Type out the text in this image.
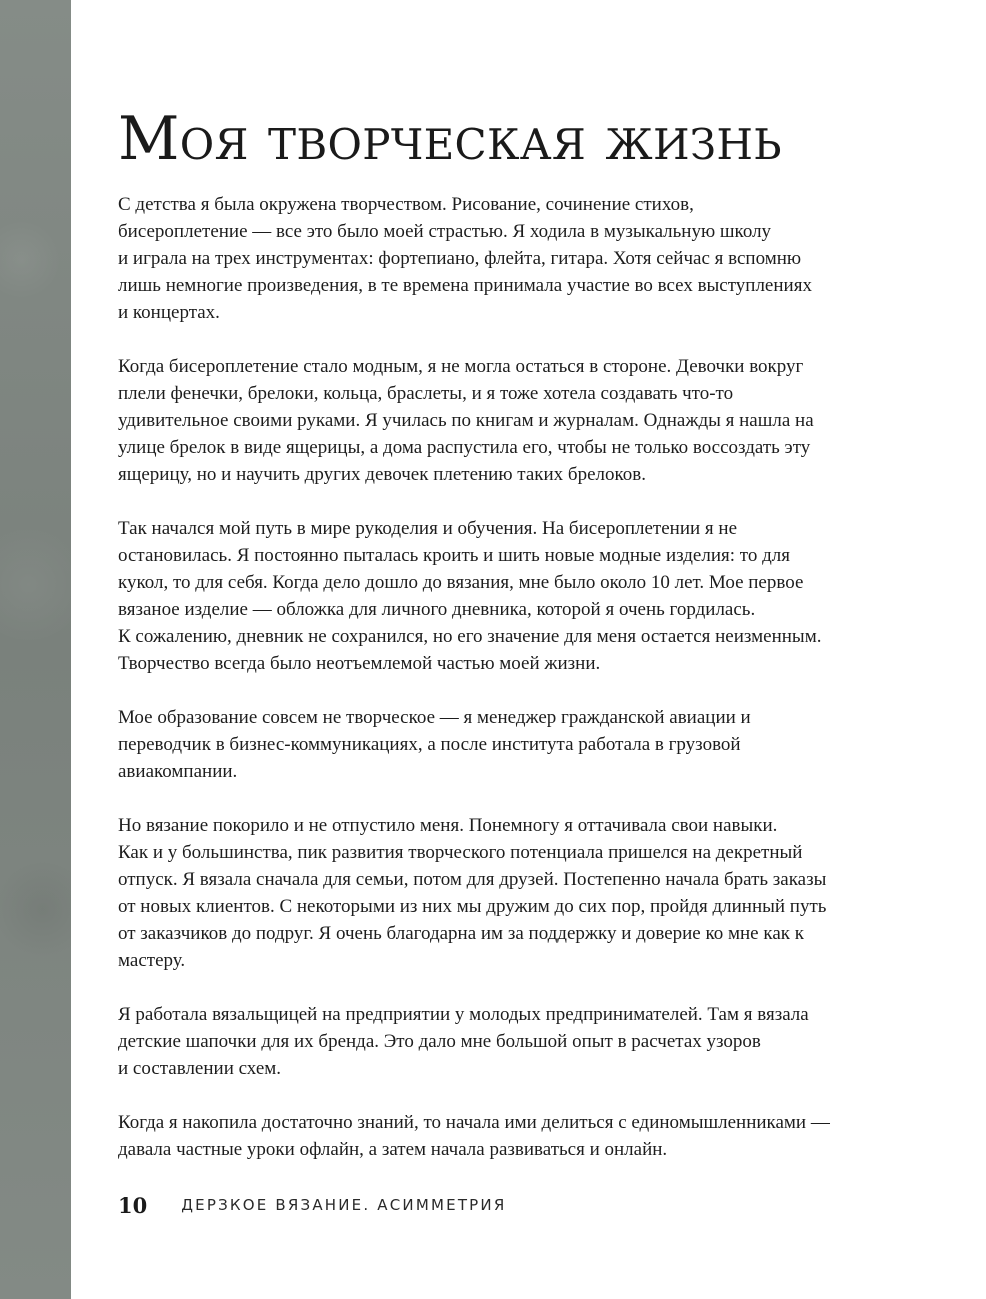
Моя творческая жизнь

С детства я была окружена творчеством. Рисование, сочинение стихов,
бисероплетение — все это было моей страстью. Я ходила в музыкальную школу
и играла на трех инструментах: фортепиано, флейта, гитара. Хотя сейчас я вспомню
лишь немногие произведения, в те времена принимала участие во всех выступлениях
и концертах.

Когда бисероплетение стало модным, я не могла остаться в стороне. Девочки вокруг
плели фенечки, брелоки, кольца, браслеты, и я тоже хотела создавать что-то
удивительное своими руками. Я училась по книгам и журналам. Однажды я нашла на
улице брелок в виде ящерицы, а дома распустила его, чтобы не только воссоздать эту
ящерицу, но и научить других девочек плетению таких брелоков.

Так начался мой путь в мире рукоделия и обучения. На бисероплетении я не
остановилась. Я постоянно пыталась кроить и шить новые модные изделия: то для
кукол, то для себя. Когда дело дошло до вязания, мне было около 10 лет. Мое первое
вязаное изделие — обложка для личного дневника, которой я очень гордилась.
К сожалению, дневник не сохранился, но его значение для меня остается неизменным.
Творчество всегда было неотъемлемой частью моей жизни.

Мое образование совсем не творческое — я менеджер гражданской авиации и
переводчик в бизнес-коммуникациях, а после института работала в грузовой
авиакомпании.

Но вязание покорило и не отпустило меня. Понемногу я оттачивала свои навыки.
Как и у большинства, пик развития творческого потенциала пришелся на декретный
отпуск. Я вязала сначала для семьи, потом для друзей. Постепенно начала брать заказы
от новых клиентов. С некоторыми из них мы дружим до сих пор, пройдя длинный путь
от заказчиков до подруг. Я очень благодарна им за поддержку и доверие ко мне как к
мастеру.

Я работала вязальщицей на предприятии у молодых предпринимателей. Там я вязала
детские шапочки для их бренда. Это дало мне большой опыт в расчетах узоров
и составлении схем.

Когда я накопила достаточно знаний, то начала ими делиться с единомышленниками —
давала частные уроки офлайн, а затем начала развиваться и онлайн.

10 ДЕРЗКОЕ ВЯЗАНИЕ. АСИММЕТРИЯ
